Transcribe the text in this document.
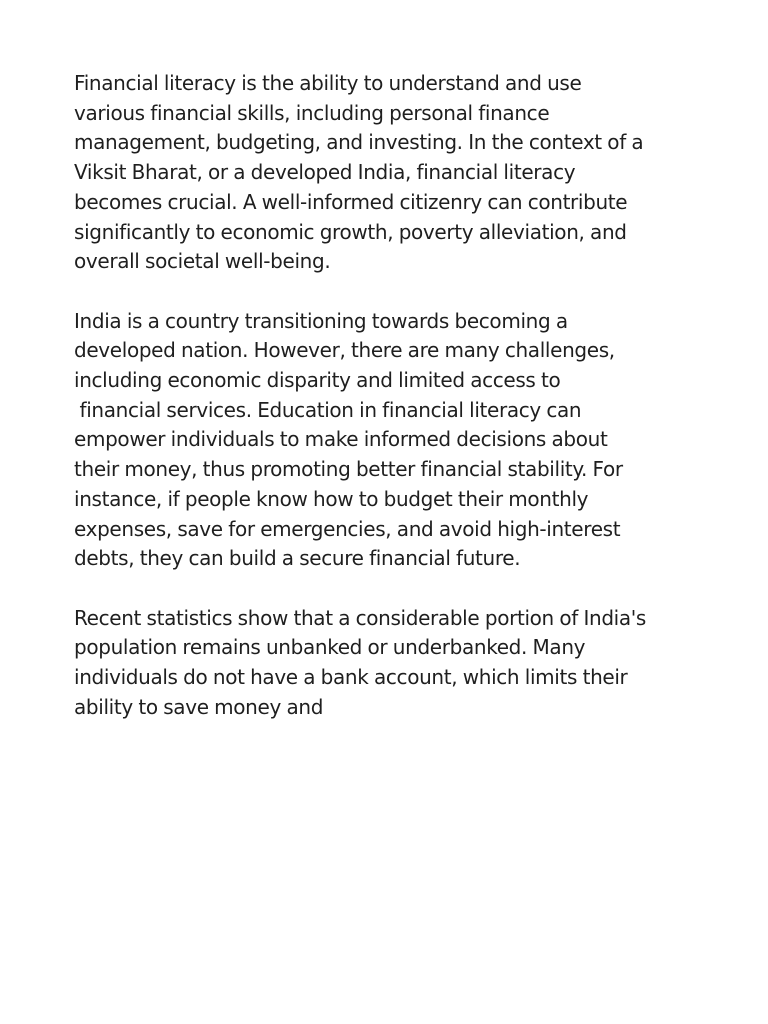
Financial literacy is the ability to understand and use
various financial skills, including personal finance
management, budgeting, and investing. In the context of a
Viksit Bharat, or a developed India, financial literacy
becomes crucial. A well-informed citizenry can contribute
significantly to economic growth, poverty alleviation, and
overall societal well-being.

India is a country transitioning towards becoming a
developed nation. However, there are many challenges,
including economic disparity and limited access to
financial services. Education in financial literacy can
empower individuals to make informed decisions about
their money, thus promoting better financial stability. For
instance, if people know how to budget their monthly
expenses, save for emergencies, and avoid high-interest
debts, they can build a secure financial future.

Recent statistics show that a considerable portion of India's
population remains unbanked or underbanked. Many
individuals do not have a bank account, which limits their
ability to save money and
